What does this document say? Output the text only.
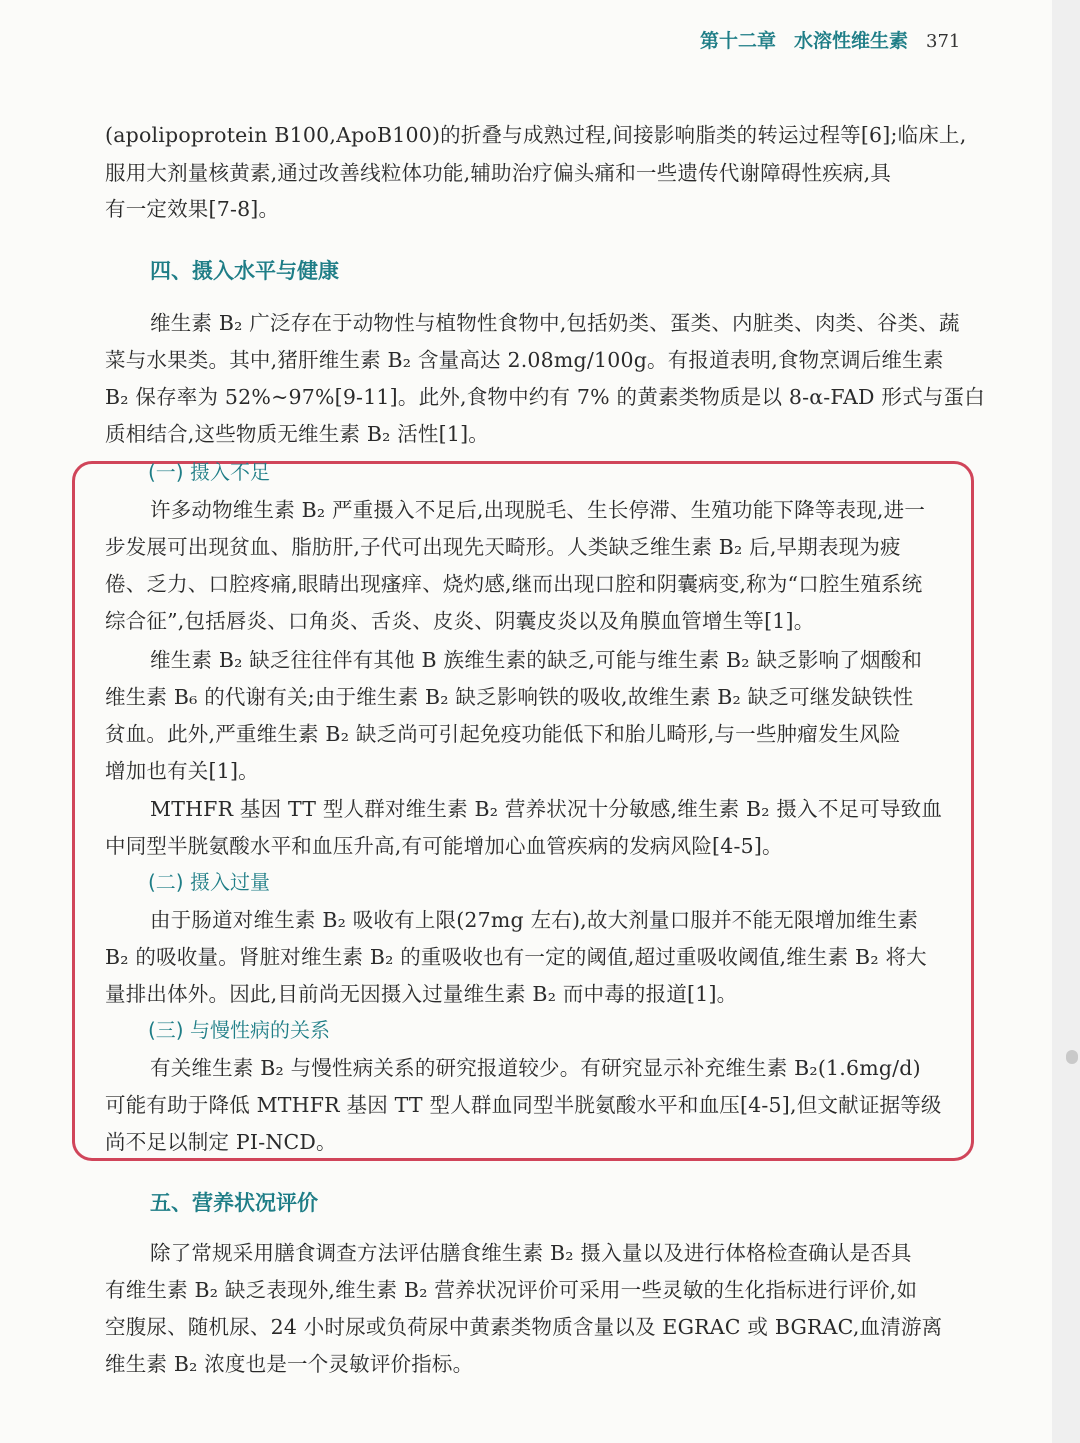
第十二章 水溶性维生素 371
(apolipoprotein B100,ApoB100)的折叠与成熟过程,间接影响脂类的转运过程等[6];临床上,
服用大剂量核黄素,通过改善线粒体功能,辅助治疗偏头痛和一些遗传代谢障碍性疾病,具
有一定效果[7-8]。
四、摄入水平与健康
维生素 B₂ 广泛存在于动物性与植物性食物中,包括奶类、蛋类、内脏类、肉类、谷类、蔬
菜与水果类。其中,猪肝维生素 B₂ 含量高达 2.08mg/100g。有报道表明,食物烹调后维生素
B₂ 保存率为 52%~97%[9-11]。此外,食物中约有 7% 的黄素类物质是以 8-α-FAD 形式与蛋白
质相结合,这些物质无维生素 B₂ 活性[1]。
(一) 摄入不足
许多动物维生素 B₂ 严重摄入不足后,出现脱毛、生长停滞、生殖功能下降等表现,进一
步发展可出现贫血、脂肪肝,子代可出现先天畸形。人类缺乏维生素 B₂ 后,早期表现为疲
倦、乏力、口腔疼痛,眼睛出现瘙痒、烧灼感,继而出现口腔和阴囊病变,称为“口腔生殖系统
综合征”,包括唇炎、口角炎、舌炎、皮炎、阴囊皮炎以及角膜血管增生等[1]。
维生素 B₂ 缺乏往往伴有其他 B 族维生素的缺乏,可能与维生素 B₂ 缺乏影响了烟酸和
维生素 B₆ 的代谢有关;由于维生素 B₂ 缺乏影响铁的吸收,故维生素 B₂ 缺乏可继发缺铁性
贫血。此外,严重维生素 B₂ 缺乏尚可引起免疫功能低下和胎儿畸形,与一些肿瘤发生风险
增加也有关[1]。
MTHFR 基因 TT 型人群对维生素 B₂ 营养状况十分敏感,维生素 B₂ 摄入不足可导致血
中同型半胱氨酸水平和血压升高,有可能增加心血管疾病的发病风险[4-5]。
(二) 摄入过量
由于肠道对维生素 B₂ 吸收有上限(27mg 左右),故大剂量口服并不能无限增加维生素
B₂ 的吸收量。肾脏对维生素 B₂ 的重吸收也有一定的阈值,超过重吸收阈值,维生素 B₂ 将大
量排出体外。因此,目前尚无因摄入过量维生素 B₂ 而中毒的报道[1]。
(三) 与慢性病的关系
有关维生素 B₂ 与慢性病关系的研究报道较少。有研究显示补充维生素 B₂(1.6mg/d)
可能有助于降低 MTHFR 基因 TT 型人群血同型半胱氨酸水平和血压[4-5],但文献证据等级
尚不足以制定 PI-NCD。
五、营养状况评价
除了常规采用膳食调查方法评估膳食维生素 B₂ 摄入量以及进行体格检查确认是否具
有维生素 B₂ 缺乏表现外,维生素 B₂ 营养状况评价可采用一些灵敏的生化指标进行评价,如
空腹尿、随机尿、24 小时尿或负荷尿中黄素类物质含量以及 EGRAC 或 BGRAC,血清游离
维生素 B₂ 浓度也是一个灵敏评价指标。
